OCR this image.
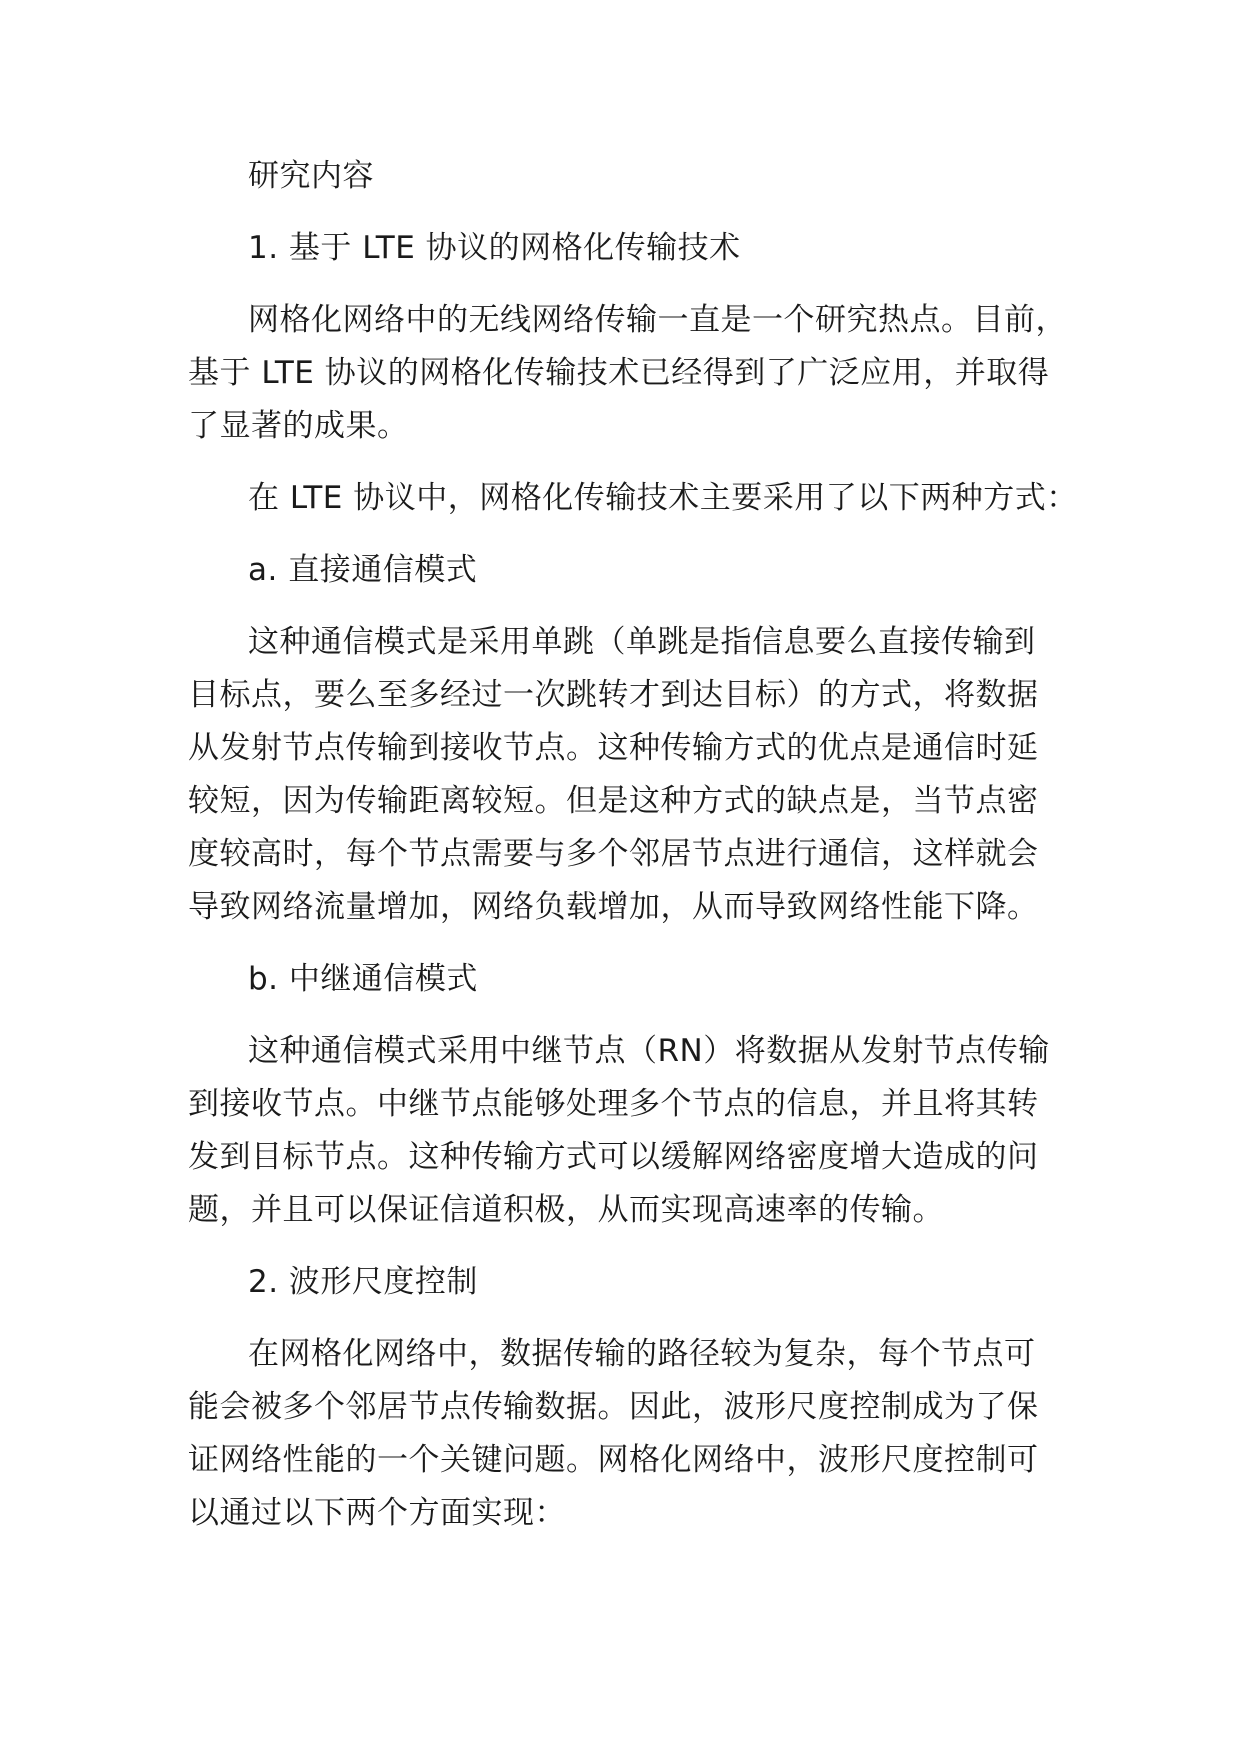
研究内容
1. 基于 LTE 协议的网格化传输技术
网格化网络中的无线网络传输一直是一个研究热点。目前，
基于 LTE 协议的网格化传输技术已经得到了广泛应用，并取得
了显著的成果。
在 LTE 协议中，网格化传输技术主要采用了以下两种方式：
a. 直接通信模式
这种通信模式是采用单跳（单跳是指信息要么直接传输到
目标点，要么至多经过一次跳转才到达目标）的方式，将数据
从发射节点传输到接收节点。这种传输方式的优点是通信时延
较短，因为传输距离较短。但是这种方式的缺点是，当节点密
度较高时，每个节点需要与多个邻居节点进行通信，这样就会
导致网络流量增加，网络负载增加，从而导致网络性能下降。
b. 中继通信模式
这种通信模式采用中继节点（RN）将数据从发射节点传输
到接收节点。中继节点能够处理多个节点的信息，并且将其转
发到目标节点。这种传输方式可以缓解网络密度增大造成的问
题，并且可以保证信道积极，从而实现高速率的传输。
2. 波形尺度控制
在网格化网络中，数据传输的路径较为复杂，每个节点可
能会被多个邻居节点传输数据。因此，波形尺度控制成为了保
证网络性能的一个关键问题。网格化网络中，波形尺度控制可
以通过以下两个方面实现：
